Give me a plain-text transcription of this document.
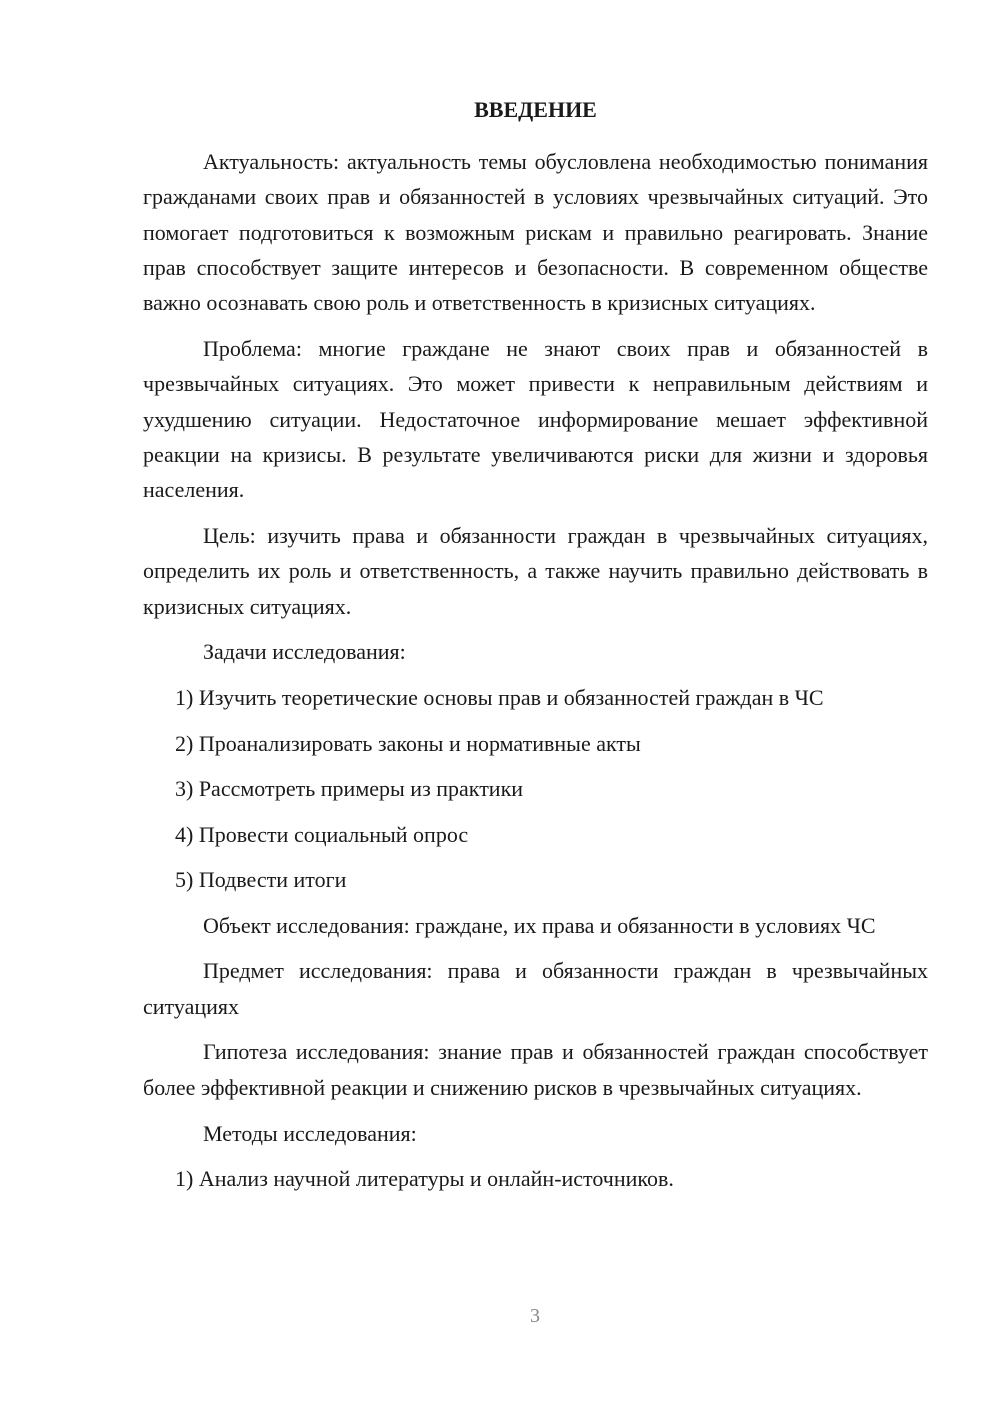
ВВЕДЕНИЕ

Актуальность: актуальность темы обусловлена необходимостью понимания гражданами своих прав и обязанностей в условиях чрезвычайных ситуаций. Это помогает подготовиться к возможным рискам и правильно реагировать. Знание прав способствует защите интересов и безопасности. В современном обществе важно осознавать свою роль и ответственность в кризисных ситуациях.

Проблема: многие граждане не знают своих прав и обязанностей в чрезвычайных ситуациях. Это может привести к неправильным действиям и ухудшению ситуации. Недостаточное информирование мешает эффективной реакции на кризисы. В результате увеличиваются риски для жизни и здоровья населения.

Цель: изучить права и обязанности граждан в чрезвычайных ситуациях, определить их роль и ответственность, а также научить правильно действовать в кризисных ситуациях.

Задачи исследования:

1) Изучить теоретические основы прав и обязанностей граждан в ЧС

2) Проанализировать законы и нормативные акты

3) Рассмотреть примеры из практики

4) Провести социальный опрос

5) Подвести итоги

Объект исследования: граждане, их права и обязанности в условиях ЧС

Предмет исследования: права и обязанности граждан в чрезвычайных ситуациях

Гипотеза исследования: знание прав и обязанностей граждан способствует более эффективной реакции и снижению рисков в чрезвычайных ситуациях.

Методы исследования:

1) Анализ научной литературы и онлайн-источников.

3
